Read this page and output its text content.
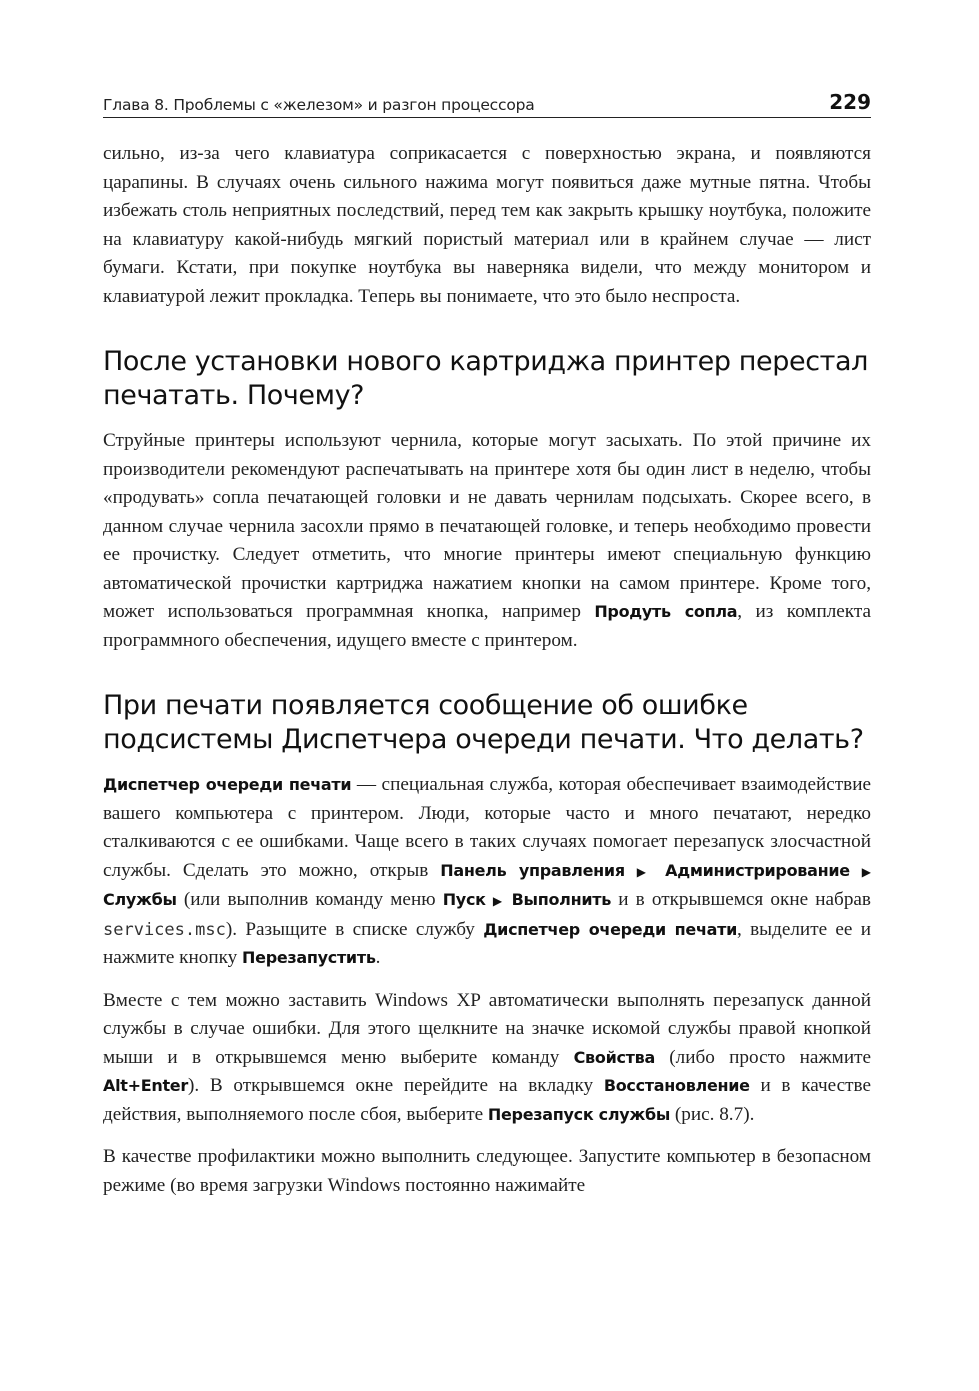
Глава 8. Проблемы с «железом» и разгон процессора	229

сильно, из-за чего клавиатура соприкасается с поверхностью экрана, и появляются царапины. В случаях очень сильного нажима могут появиться даже мутные пятна. Чтобы избежать столь неприятных последствий, перед тем как закрыть крышку ноутбука, положите на клавиатуру какой-нибудь мягкий пористый материал или в крайнем случае — лист бумаги. Кстати, при покупке ноутбука вы наверняка видели, что между монитором и клавиатурой лежит прокладка. Теперь вы понимаете, что это было неспроста.

После установки нового картриджа принтер перестал печатать. Почему?

Струйные принтеры используют чернила, которые могут засыхать. По этой причине их производители рекомендуют распечатывать на принтере хотя бы один лист в неделю, чтобы «продувать» сопла печатающей головки и не давать чернилам подсыхать. Скорее всего, в данном случае чернила засохли прямо в печатающей головке, и теперь необходимо провести ее прочистку. Следует отметить, что многие принтеры имеют специальную функцию автоматической прочистки картриджа нажатием кнопки на самом принтере. Кроме того, может использоваться программная кнопка, например Продуть сопла, из комплекта программного обеспечения, идущего вместе с принтером.

При печати появляется сообщение об ошибке подсистемы Диспетчера очереди печати. Что делать?

Диспетчер очереди печати — специальная служба, которая обеспечивает взаимодействие вашего компьютера с принтером. Люди, которые часто и много печатают, нередко сталкиваются с ее ошибками. Чаще всего в таких случаях помогает перезапуск злосчастной службы. Сделать это можно, открыв Панель управления ▶ Администрирование ▶ Службы (или выполнив команду меню Пуск ▶ Выполнить и в открывшемся окне набрав services.msc). Разыщите в списке службу Диспетчер очереди печати, выделите ее и нажмите кнопку Перезапустить.

Вместе с тем можно заставить Windows XP автоматически выполнять перезапуск данной службы в случае ошибки. Для этого щелкните на значке искомой службы правой кнопкой мыши и в открывшемся меню выберите команду Свойства (либо просто нажмите Alt+Enter). В открывшемся окне перейдите на вкладку Восстановление и в качестве действия, выполняемого после сбоя, выберите Перезапуск службы (рис. 8.7).

В качестве профилактики можно выполнить следующее. Запустите компьютер в безопасном режиме (во время загрузки Windows постоянно нажимайте
